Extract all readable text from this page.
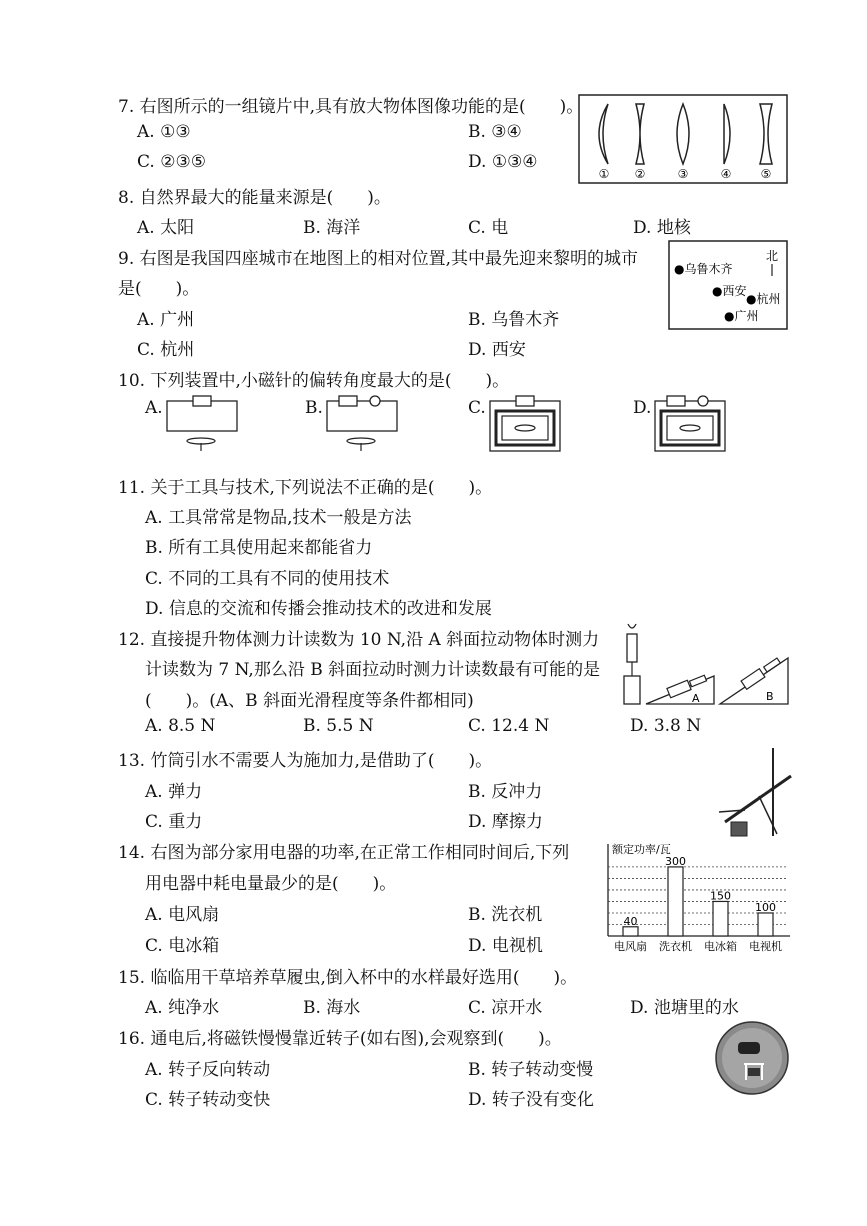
7. 右图所示的一组镜片中,具有放大物体图像功能的是(　　)。
A. ①③	B. ③④
C. ②③⑤	D. ①③④
① ②	③	④ ⑤
8. 自然界最大的能量来源是(　　)。
A. 太阳	B. 海洋	C. 电	D. 地核
9. 右图是我国四座城市在地图上的相对位置,其中最先迎来黎明的城市
是(　　)。
A. 广州	B. 乌鲁木齐
C. 杭州	D. 西安
北
●乌鲁木齐
●西安
●杭州
●广州
10. 下列装置中,小磁针的偏转角度最大的是(　　)。
A.	B.	C.	D.
11. 关于工具与技术,下列说法不正确的是(　　)。
A. 工具常常是物品,技术一般是方法
B. 所有工具使用起来都能省力
C. 不同的工具有不同的使用技术
D. 信息的交流和传播会推动技术的改进和发展
12. 直接提升物体测力计读数为 10 N,沿 A 斜面拉动物体时测力
计读数为 7 N,那么沿 B 斜面拉动时测力计读数最有可能的是
(　　)。(A、B 斜面光滑程度等条件都相同)
A. 8.5 N	B. 5.5 N	C. 12.4 N	D. 3.8 N
A	B
13. 竹筒引水不需要人为施加力,是借助了(　　)。
A. 弹力	B. 反冲力
C. 重力	D. 摩擦力
14. 右图为部分家用电器的功率,在正常工作相同时间后,下列
用电器中耗电量最少的是(　　)。
A. 电风扇	B. 洗衣机
C. 电冰箱	D. 电视机
额定功率/瓦
40
电风扇
300
洗衣机
150
电冰箱
100
电视机
15. 临临用干草培养草履虫,倒入杯中的水样最好选用(　　)。
A. 纯净水	B. 海水	C. 凉开水	D. 池塘里的水
16. 通电后,将磁铁慢慢靠近转子(如右图),会观察到(　　)。
A. 转子反向转动	B. 转子转动变慢
C. 转子转动变快	D. 转子没有变化
